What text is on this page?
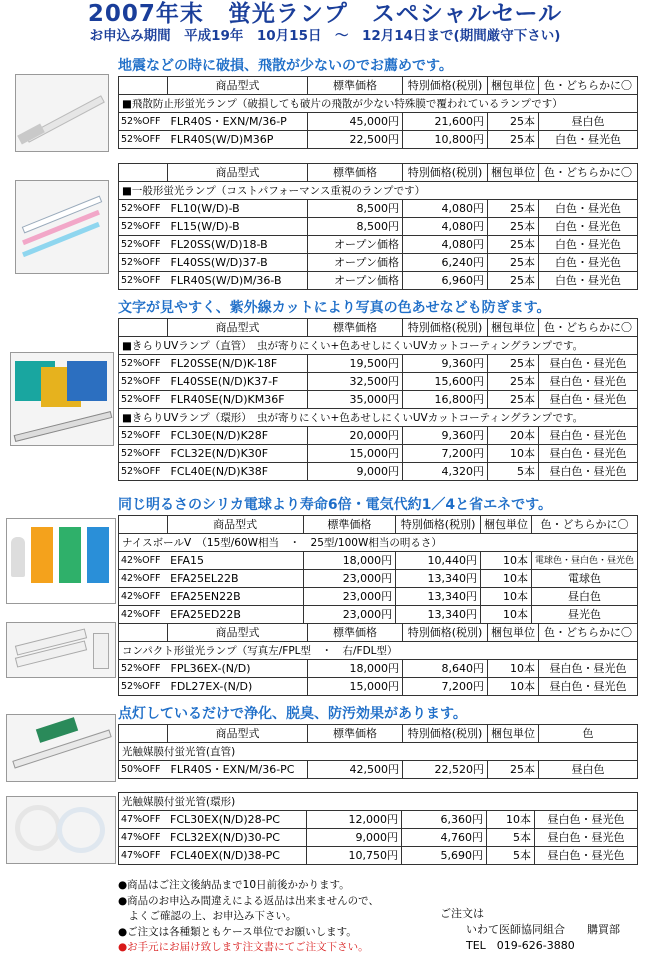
2007年末　蛍光ランプ　スペシャルセール
お申込み期間　平成19年　10月15日　～　12月14日まで(期間厳守下さい)
地震などの時に破損、飛散が少ないのでお薦めです。
	商品型式	標準価格	特別価格(税別)	梱包単位	色・どちらかに〇
■飛散防止形蛍光ランプ（破損しても破片の飛散が少ない特殊膜で覆われているランプです）					
52%OFF	FLR40S・EXN/M/36-P	45,000円	21,600円	25本	昼白色
52%OFF	FLR40S(W/D)M36P	22,500円	10,800円	25本	白色・昼光色
	商品型式	標準価格	特別価格(税別)	梱包単位	色・どちらかに〇
■一般形蛍光ランプ（コストパフォーマンス重視のランプです）					
52%OFF	FL10(W/D)-B	8,500円	4,080円	25本	白色・昼光色
52%OFF	FL15(W/D)-B	8,500円	4,080円	25本	白色・昼光色
52%OFF	FL20SS(W/D)18-B	オープン価格	4,080円	25本	白色・昼光色
52%OFF	FL40SS(W/D)37-B	オープン価格	6,240円	25本	白色・昼光色
52%OFF	FLR40S(W/D)M/36-B	オープン価格	6,960円	25本	白色・昼光色
文字が見やすく、紫外線カットにより写真の色あせなども防ぎます。
	商品型式	標準価格	特別価格(税別)	梱包単位	色・どちらかに〇
■きらりUVランプ（直管）　虫が寄りにくい+色あせしにくいUVカットコーティングランプです。					
52%OFF	FL20SSE(N/D)K-18F	19,500円	9,360円	25本	昼白色・昼光色
52%OFF	FL40SSE(N/D)K37-F	32,500円	15,600円	25本	昼白色・昼光色
52%OFF	FLR40SE(N/D)KM36F	35,000円	16,800円	25本	昼白色・昼光色
■きらりUVランプ（環形）　虫が寄りにくい+色あせしにくいUVカットコーティングランプです。					
52%OFF	FCL30E(N/D)K28F	20,000円	9,360円	20本	昼白色・昼光色
52%OFF	FCL32E(N/D)K30F	15,000円	7,200円	10本	昼白色・昼光色
52%OFF	FCL40E(N/D)K38F	9,000円	4,320円	5本	昼白色・昼光色
同じ明るさのシリカ電球より寿命6倍・電気代約1／4と省エネです。
	商品型式	標準価格	特別価格(税別)	梱包単位	色・どちらかに〇
ナイスボールV　（15型/60W相当　・　25型/100W相当の明るさ）					
42%OFF	EFA15	18,000円	10,440円	10本	電球色・昼白色・昼光色
42%OFF	EFA25EL22B	23,000円	13,340円	10本	電球色
42%OFF	EFA25EN22B	23,000円	13,340円	10本	昼白色
42%OFF	EFA25ED22B	23,000円	13,340円	10本	昼光色
	商品型式	標準価格	特別価格(税別)	梱包単位	色・どちらかに〇
コンパクト形蛍光ランプ（写真左/FPL型　・　右/FDL型）					
52%OFF	FPL36EX-(N/D)	18,000円	8,640円	10本	昼白色・昼光色
52%OFF	FDL27EX-(N/D)	15,000円	7,200円	10本	昼白色・昼光色
点灯しているだけで浄化、脱臭、防汚効果があります。
	商品型式	標準価格	特別価格(税別)	梱包単位	色
光触媒膜付蛍光管(直管)					
50%OFF	FLR40S・EXN/M/36-PC	42,500円	22,520円	25本	昼白色
光触媒膜付蛍光管(環形)					
47%OFF	FCL30EX(N/D)28-PC	12,000円	6,360円	10本	昼白色・昼光色
47%OFF	FCL32EX(N/D)30-PC	9,000円	4,760円	5本	昼白色・昼光色
47%OFF	FCL40EX(N/D)38-PC	10,750円	5,690円	5本	昼白色・昼光色
●商品はご注文後納品まで10日前後かかります。
●商品のお申込み間違えによる返品は出来ませんので、
　よくご確認の上、お申込み下さい。
●ご注文は各種類ともケース単位でお願いします。
●お手元にお届け致します注文書にてご注文下さい。
ご注文は
いわて医師協同組合　　購買部
TEL　019-626-3880
